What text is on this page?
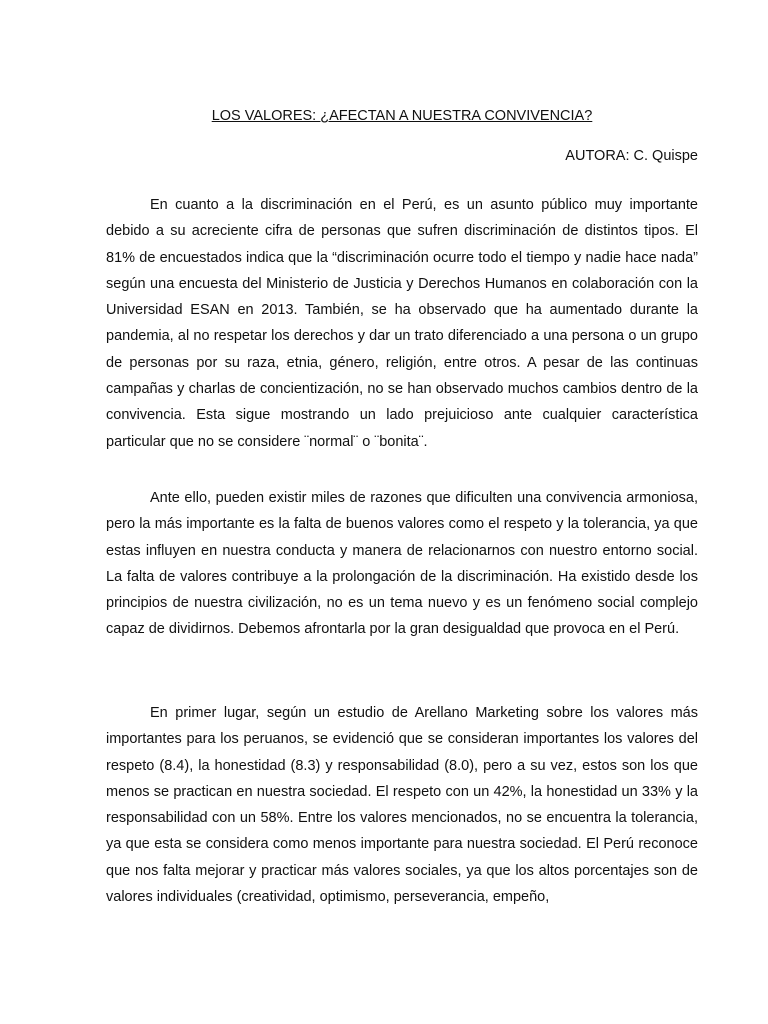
LOS VALORES: ¿AFECTAN A NUESTRA CONVIVENCIA?

AUTORA: C. Quispe

En cuanto a la discriminación en el Perú, es un asunto público muy importante debido a su acreciente cifra de personas que sufren discriminación de distintos tipos. El 81% de encuestados indica que la “discriminación ocurre todo el tiempo y nadie hace nada” según una encuesta del Ministerio de Justicia y Derechos Humanos en colaboración con la Universidad ESAN en 2013. También, se ha observado que ha aumentado durante la pandemia, al no respetar los derechos y dar un trato diferenciado a una persona o un grupo de personas por su raza, etnia, género, religión, entre otros. A pesar de las continuas campañas y charlas de concientización, no se han observado muchos cambios dentro de la convivencia. Esta sigue mostrando un lado prejuicioso ante cualquier característica particular que no se considere ¨normal¨ o ¨bonita¨.

Ante ello, pueden existir miles de razones que dificulten una convivencia armoniosa, pero la más importante es la falta de buenos valores como el respeto y la tolerancia, ya que estas influyen en nuestra conducta y manera de relacionarnos con nuestro entorno social. La falta de valores contribuye a la prolongación de la discriminación. Ha existido desde los principios de nuestra civilización, no es un tema nuevo y es un fenómeno social complejo capaz de dividirnos. Debemos afrontarla por la gran desigualdad que provoca en el Perú.

En primer lugar, según un estudio de Arellano Marketing sobre los valores más importantes para los peruanos, se evidenció que se consideran importantes los valores del respeto (8.4), la honestidad (8.3) y responsabilidad (8.0), pero a su vez, estos son los que menos se practican en nuestra sociedad. El respeto con un 42%, la honestidad un 33% y la responsabilidad con un 58%. Entre los valores mencionados, no se encuentra la tolerancia, ya que esta se considera como menos importante para nuestra sociedad. El Perú reconoce que nos falta mejorar y practicar más valores sociales, ya que los altos porcentajes son de valores individuales (creatividad, optimismo, perseverancia, empeño,
